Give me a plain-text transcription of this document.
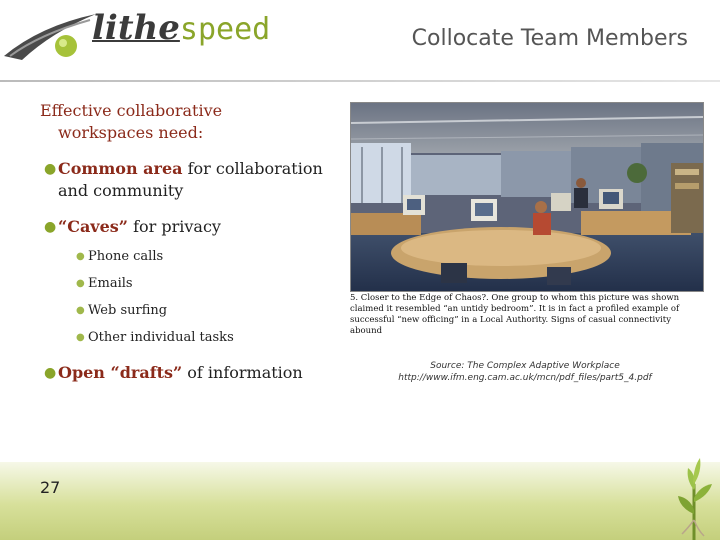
lithespeed	Collocate Team Members
Effective collaborative
workspaces need:
● Common area for collaboration and community
● “Caves” for privacy
● Phone calls
● Emails
● Web surfing
● Other individual tasks
● Open “drafts” of information
5. Closer to the Edge of Chaos?. One group to whom this picture was shown claimed it resembled “an untidy bedroom”. It is in fact a profiled example of successful “new officing” in a Local Authority. Signs of casual connectivity abound
Source: The Complex Adaptive Workplace
http://www.ifm.eng.cam.ac.uk/mcn/pdf_files/part5_4.pdf
27
